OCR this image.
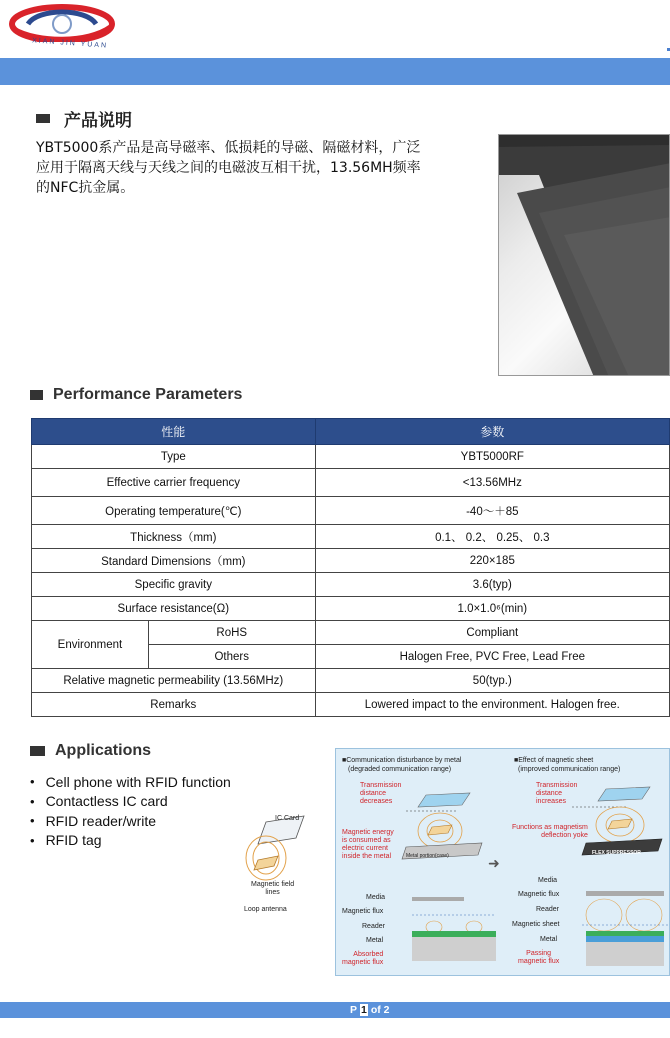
XIAN JIN YUAN
产品说明
YBT5000系产品是高导磁率、低损耗的导磁、隔磁材料，广泛
应用于隔离天线与天线之间的电磁波互相干扰，13.56MH频率
的NFC抗金属。
Performance Parameters
性能		参数
Type		YBT5000RF
Effective carrier frequency		<13.56MHz
Operating temperature(℃)		-40～＋85
Thickness（mm)		0.1、 0.2、 0.25、 0.3
Standard Dimensions（mm)		220×185
Specific gravity		3.6(typ)
Surface resistance(Ω)		1.0×1.0⁶(min)
Environment	RoHS	Compliant
	Others	Halogen Free, PVC Free, Lead Free
Relative magnetic permeability (13.56MHz)		50(typ.)
Remarks		Lowered impact to the environment. Halogen free.
Applications
• Cell phone with RFID function
• Contactless IC card
• RFID reader/write
• RFID tag
IC Card
Magnetic field
lines
Loop antenna
■Communication disturbance by metal
(degraded communication range)
■Effect of magnetic sheet
(improved communication range)
Transmission
distance
decreases
Magnetic energy
is consumed as
electric current
inside the metal	Metal portion(case)	➜
Transmission
distance
increases
Functions as magnetism
deflection yoke
FLEX SUPPRESSOR
Media
Magnetic flux
Reader
Metal
Absorbed
magnetic flux
Media
Magnetic flux
Reader
Magnetic sheet
Metal
Passing
magnetic flux
P 1 of 2
